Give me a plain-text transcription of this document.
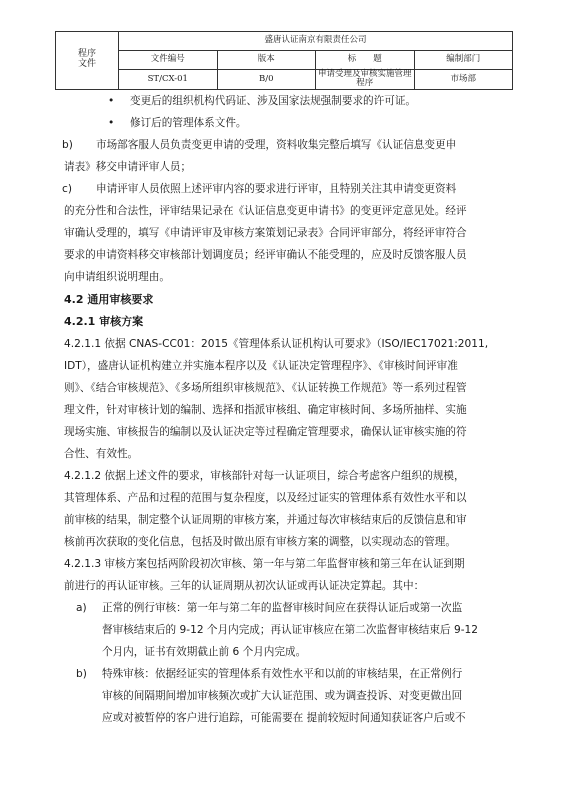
程序
文件	盛唐认证南京有限责任公司			
	文件编号	版本	标　　题	编制部门
	ST/CX-01	B/0	申请受理及审核实施管理程序	市场部
• 变更后的组织机构代码证、涉及国家法规强制要求的许可证。
• 修订后的管理体系文件。
b) 市场部客服人员负责变更申请的受理，资料收集完整后填写《认证信息变更申
请表》移交申请评审人员；
c) 申请评审人员依照上述评审内容的要求进行评审，且特别关注其申请变更资料
的充分性和合法性，评审结果记录在《认证信息变更申请书》的变更评定意见处。经评
审确认受理的，填写《申请评审及审核方案策划记录表》合同评审部分，将经评审符合
要求的申请资料移交审核部计划调度员；经评审确认不能受理的，应及时反馈客服人员
向申请组织说明理由。
4.2 通用审核要求
4.2.1 审核方案
4.2.1.1 依据 CNAS-CC01：2015《管理体系认证机构认可要求》（ISO/IEC17021:2011,
IDT），盛唐认证机构建立并实施本程序以及《认证决定管理程序》、《审核时间评审准
则》、《结合审核规范》、《多场所组织审核规范》、《认证转换工作规范》等一系列过程管
理文件，针对审核计划的编制、选择和指派审核组、确定审核时间、多场所抽样、实施
现场实施、审核报告的编制以及认证决定等过程确定管理要求，确保认证审核实施的符
合性、有效性。
4.2.1.2 依据上述文件的要求，审核部针对每一认证项目，综合考虑客户组织的规模，
其管理体系、产品和过程的范围与复杂程度，以及经过证实的管理体系有效性水平和以
前审核的结果，制定整个认证周期的审核方案，并通过每次审核结束后的反馈信息和审
核前再次获取的变化信息，包括及时做出原有审核方案的调整，以实现动态的管理。
4.2.1.3 审核方案包括两阶段初次审核、第一年与第二年监督审核和第三年在认证到期
前进行的再认证审核。三年的认证周期从初次认证或再认证决定算起。其中：
a) 正常的例行审核：第一年与第二年的监督审核时间应在获得认证后或第一次监
督审核结束后的 9-12 个月内完成；再认证审核应在第二次监督审核结束后 9-12
个月内，证书有效期截止前 6 个月内完成。
b) 特殊审核：依据经证实的管理体系有效性水平和以前的审核结果，在正常例行
审核的间隔期间增加审核频次或扩大认证范围、或为调查投诉、对变更做出回
应或对被暂停的客户进行追踪，可能需要在 提前较短时间通知获证客户后或不
